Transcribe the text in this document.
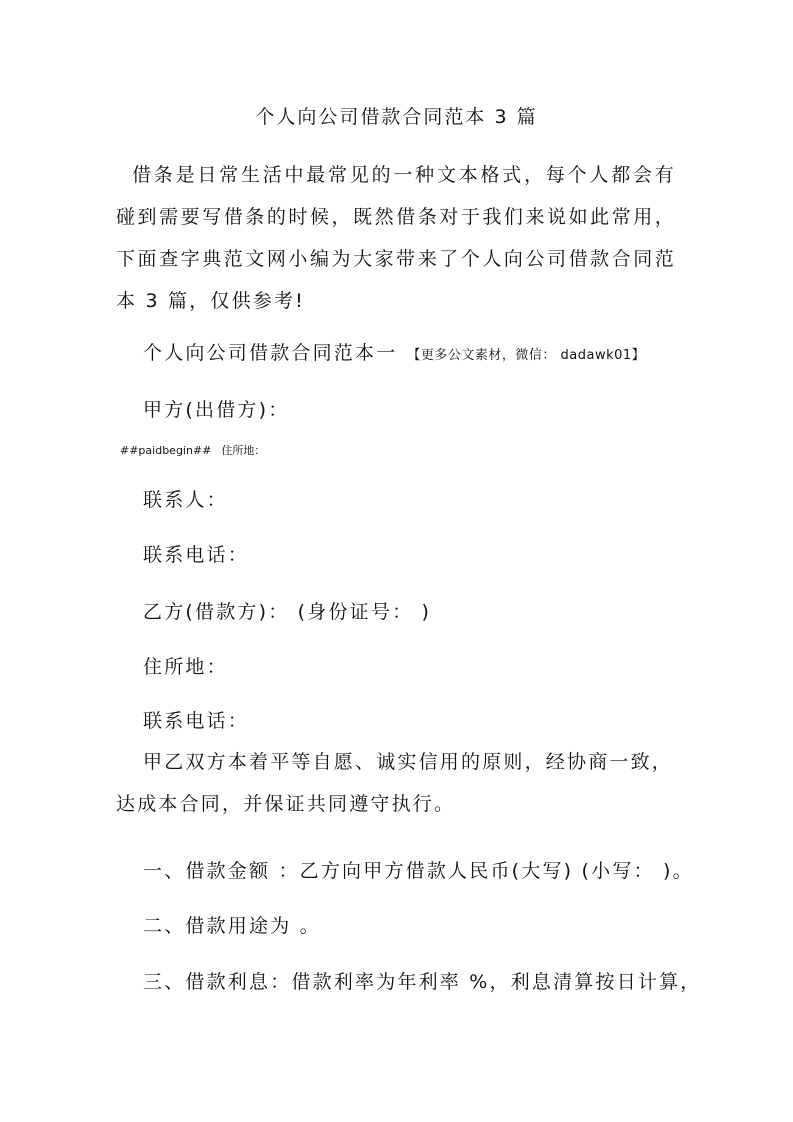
个人向公司借款合同范本 3 篇

借条是日常生活中最常见的一种文本格式，每个人都会有碰到需要写借条的时候，既然借条对于我们来说如此常用，下面查字典范文网小编为大家带来了个人向公司借款合同范本 3 篇，仅供参考!

个人向公司借款合同范本一 【更多公文素材，微信： dadawk01】

甲方(出借方)：

##paidbegin## 住所地：

联系人：

联系电话：

乙方(借款方)： (身份证号： )

住所地：

联系电话：

甲乙双方本着平等自愿、诚实信用的原则，经协商一致，达成本合同，并保证共同遵守执行。

一、借款金额 ：乙方向甲方借款人民币(大写) (小写： )。

二、借款用途为 。

三、借款利息：借款利率为年利率 %，利息清算按日计算，
